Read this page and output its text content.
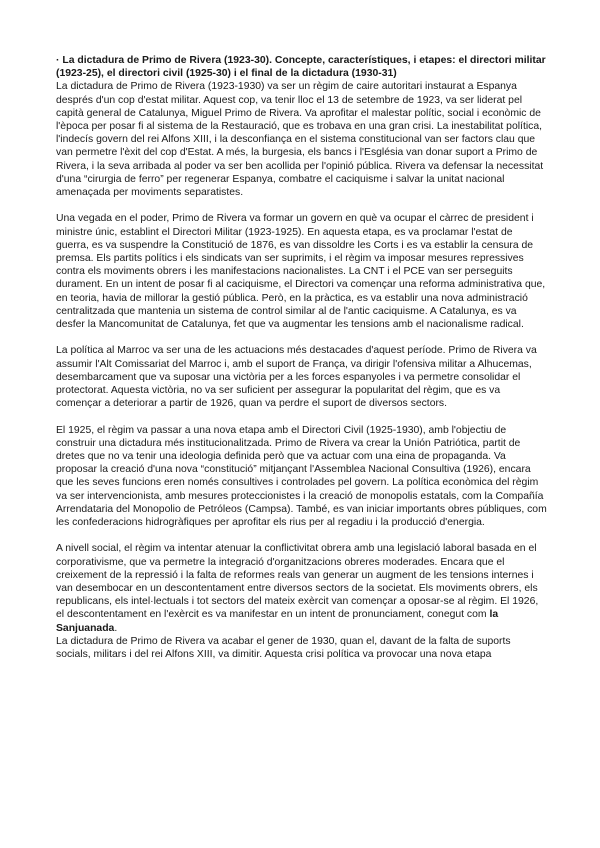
· La dictadura de Primo de Rivera (1923-30). Concepte, característiques, i etapes: el directori militar (1923-25), el directori civil (1925-30) i el final de la dictadura (1930-31)

La dictadura de Primo de Rivera (1923-1930) va ser un règim de caire autoritari instaurat a Espanya després d'un cop d'estat militar. Aquest cop, va tenir lloc el 13 de setembre de 1923, va ser liderat pel capità general de Catalunya, Miguel Primo de Rivera. Va aprofitar el malestar polític, social i econòmic de l'època per posar fi al sistema de la Restauració, que es trobava en una gran crisi. La inestabilitat política, l'indecís govern del rei Alfons XIII, i la desconfiança en el sistema constitucional van ser factors clau que van permetre l'èxit del cop d'Estat. A més, la burgesia, els bancs i l'Església van donar suport a Primo de Rivera, i la seva arribada al poder va ser ben acollida per l'opinió pública. Rivera va defensar la necessitat d'una “cirurgia de ferro” per regenerar Espanya, combatre el caciquisme i salvar la unitat nacional amenaçada per moviments separatistes.

Una vegada en el poder, Primo de Rivera va formar un govern en què va ocupar el càrrec de president i ministre únic, establint el Directori Militar (1923-1925). En aquesta etapa, es va proclamar l'estat de guerra, es va suspendre la Constitució de 1876, es van dissoldre les Corts i es va establir la censura de premsa. Els partits polítics i els sindicats van ser suprimits, i el règim va imposar mesures repressives contra els moviments obrers i les manifestacions nacionalistes. La CNT i el PCE van ser perseguits durament. En un intent de posar fi al caciquisme, el Directori va començar una reforma administrativa que, en teoria, havia de millorar la gestió pública. Però, en la pràctica, es va establir una nova administració centralitzada que mantenia un sistema de control similar al de l'antic caciquisme. A Catalunya, es va desfer la Mancomunitat de Catalunya, fet que va augmentar les tensions amb el nacionalisme radical.

La política al Marroc va ser una de les actuacions més destacades d'aquest període. Primo de Rivera va assumir l'Alt Comissariat del Marroc i, amb el suport de França, va dirigir l'ofensiva militar a Alhucemas, desembarcament que va suposar una victòria per a les forces espanyoles i va permetre consolidar el protectorat. Aquesta victòria, no va ser suficient per assegurar la popularitat del règim, que es va començar a deteriorar a partir de 1926, quan va perdre el suport de diversos sectors.

El 1925, el règim va passar a una nova etapa amb el Directori Civil (1925-1930), amb l'objectiu de construir una dictadura més institucionalitzada. Primo de Rivera va crear la Unión Patriótica, partit de dretes que no va tenir una ideologia definida però que va actuar com una eina de propaganda. Va proposar la creació d'una nova “constitució” mitjançant l'Assemblea Nacional Consultiva (1926), encara que les seves funcions eren només consultives i controlades pel govern. La política econòmica del règim va ser intervencionista, amb mesures proteccionistes i la creació de monopolis estatals, com la Compañía Arrendataria del Monopolio de Petróleos (Campsa). També, es van iniciar importants obres públiques, com les confederacions hidrogràfiques per aprofitar els rius per al regadiu i la producció d'energia.

A nivell social, el règim va intentar atenuar la conflictivitat obrera amb una legislació laboral basada en el corporativisme, que va permetre la integració d'organitzacions obreres moderades. Encara que el creixement de la repressió i la falta de reformes reals van generar un augment de les tensions internes i van desembocar en un descontentament entre diversos sectors de la societat. Els moviments obrers, els republicans, els intel·lectuals i tot sectors del mateix exèrcit van començar a oposar-se al règim. El 1926, el descontentament en l'exèrcit es va manifestar en un intent de pronunciament, conegut com la Sanjuanada.

La dictadura de Primo de Rivera va acabar el gener de 1930, quan el, davant de la falta de suports socials, militars i del rei Alfons XIII, va dimitir. Aquesta crisi política va provocar una nova etapa
